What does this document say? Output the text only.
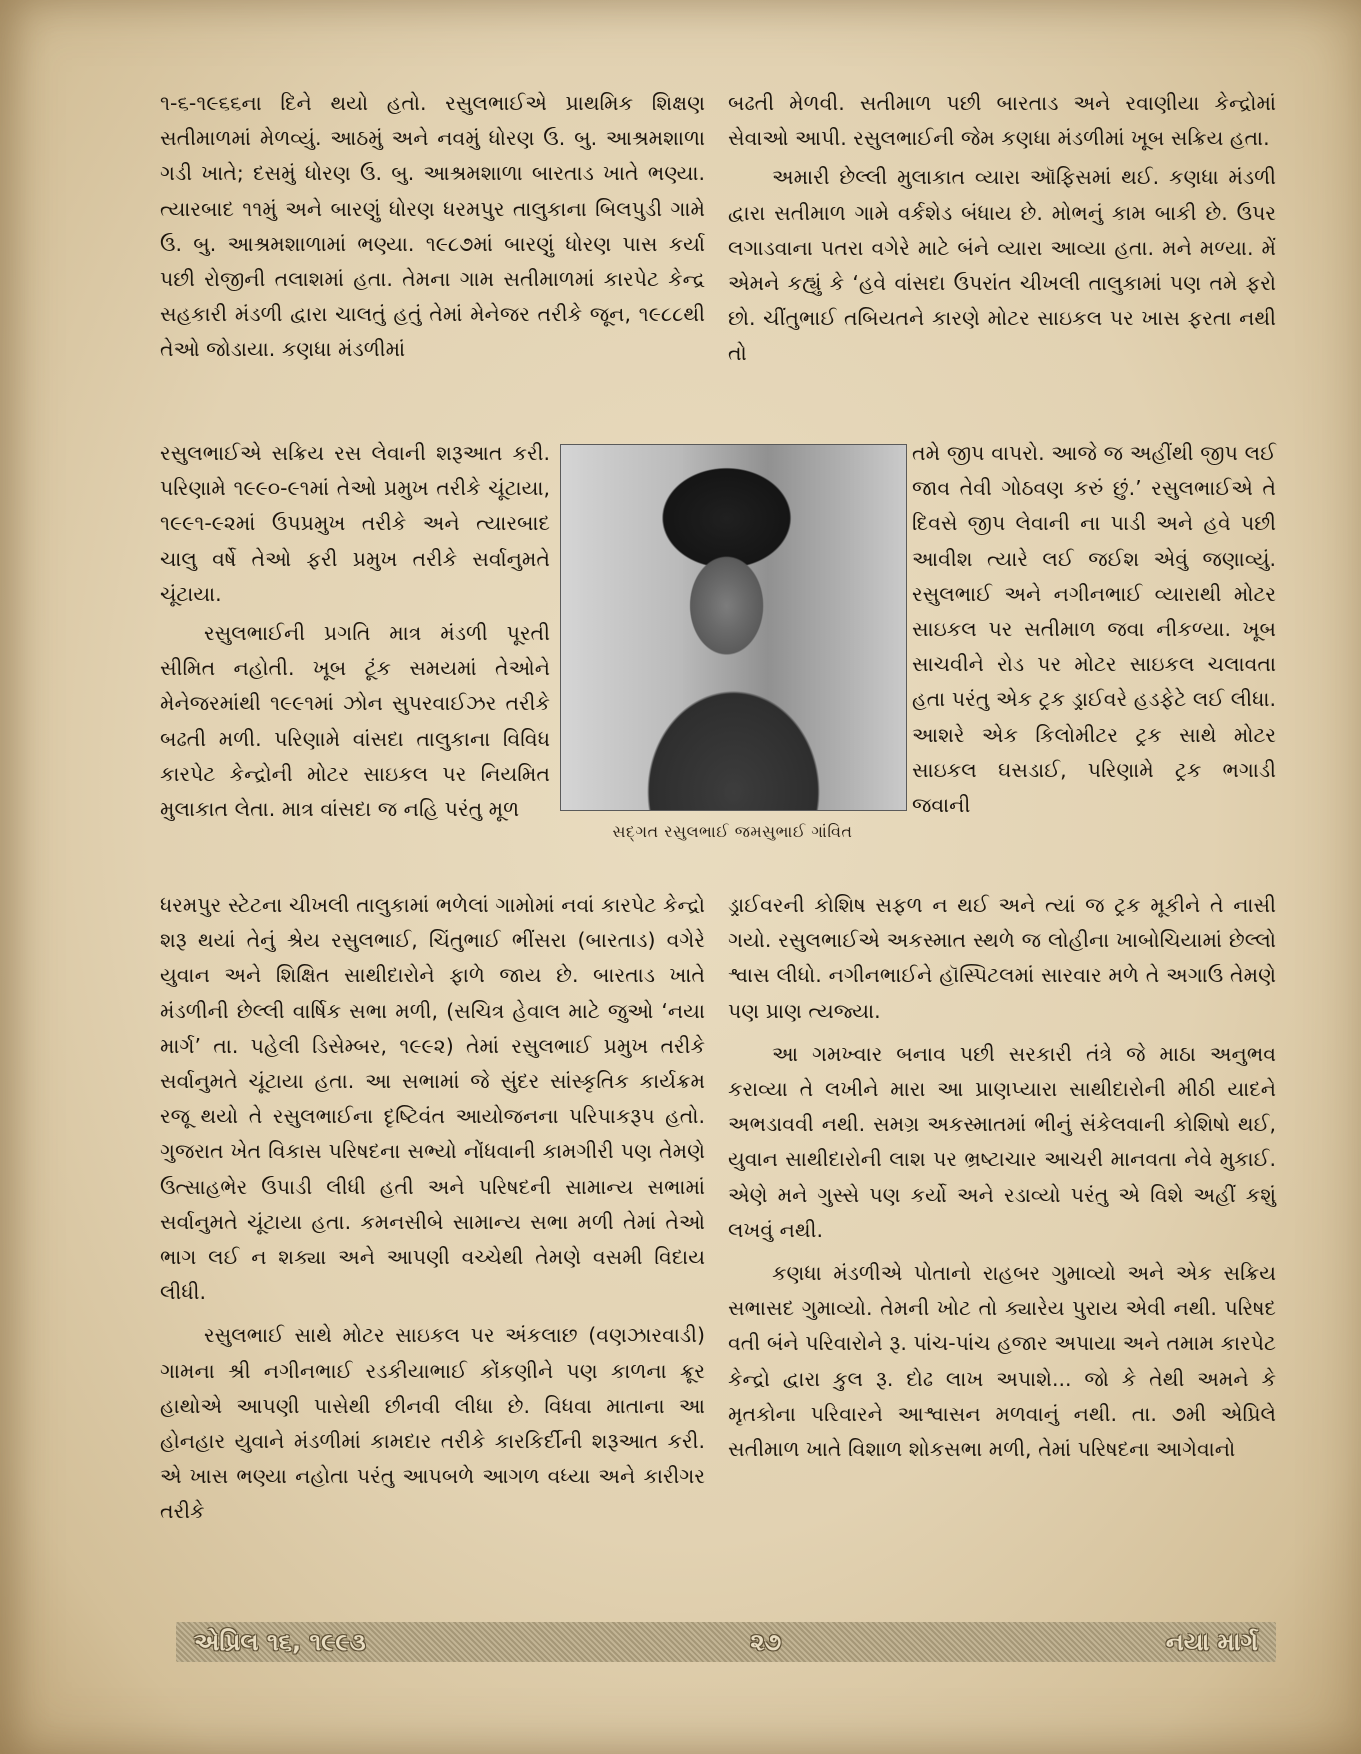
૧-૬-૧૯૬૬ના દિને થયો હતો. રસુલભાઈએ પ્રાથમિક શિક્ષણ સતીમાળમાં મેળવ્યું. આઠમું અને નવમું ધોરણ ઉ. બુ. આશ્રમશાળા ગડી ખાતે; દસમું ધોરણ ઉ. બુ. આશ્રમશાળા બારતાડ ખાતે ભણ્યા. ત્યારબાદ ૧૧મું અને બારણું ધોરણ ધરમપુર તાલુકાના બિલપુડી ગામે ઉ. બુ. આશ્રમશાળામાં ભણ્યા. ૧૯૮૭માં બારણું ધોરણ પાસ કર્યા પછી રોજીની તલાશમાં હતા. તેમના ગામ સતીમાળમાં કારપેટ કેન્દ્ર સહકારી મંડળી દ્વારા ચાલતું હતું તેમાં મેનેજર તરીકે જૂન, ૧૯૮૮થી તેઓ જોડાયા. કણધા મંડળીમાં

રસુલભાઈએ સક્રિય રસ લેવાની શરૂઆત કરી. પરિણામે ૧૯૯૦-૯૧માં તેઓ પ્રમુખ તરીકે ચૂંટાયા, ૧૯૯૧-૯૨માં ઉપપ્રમુખ તરીકે અને ત્યારબાદ ચાલુ વર્ષે તેઓ ફરી પ્રમુખ તરીકે સર્વાનુમતે ચૂંટાયા.

રસુલભાઈની પ્રગતિ માત્ર મંડળી પૂરતી સીમિત નહોતી. ખૂબ ટૂંક સમયમાં તેઓને મેનેજરમાંથી ૧૯૯૧માં ઝોન સુપરવાઈઝર તરીકે બઢતી મળી. પરિણામે વાંસદા તાલુકાના વિવિધ કારપેટ કેન્દ્રોની મોટર સાઇકલ પર નિયમિત મુલાકાત લેતા. માત્ર વાંસદા જ નહિ પરંતુ મૂળ

ધરમપુર સ્ટેટના ચીખલી તાલુકામાં ભળેલાં ગામોમાં નવાં કારપેટ કેન્દ્રો શરૂ થયાં તેનું શ્રેય રસુલભાઈ, ચિંતુભાઈ ભીંસરા (બારતાડ) વગેરે યુવાન અને શિક્ષિત સાથીદારોને ફાળે જાય છે. બારતાડ ખાતે મંડળીની છેલ્લી વાર્ષિક સભા મળી, (સચિત્ર હેવાલ માટે જુઓ ‘નયા માર્ગ’ તા. પહેલી ડિસેમ્બર, ૧૯૯૨) તેમાં રસુલભાઈ પ્રમુખ તરીકે સર્વાનુમતે ચૂંટાયા હતા. આ સભામાં જે સુંદર સાંસ્કૃતિક કાર્યક્રમ રજૂ થયો તે રસુલભાઈના દૃષ્ટિવંત આયોજનના પરિપાકરૂપ હતો. ગુજરાત ખેત વિકાસ પરિષદના સભ્યો નોંધવાની કામગીરી પણ તેમણે ઉત્સાહભેર ઉપાડી લીધી હતી અને પરિષદની સામાન્ય સભામાં સર્વાનુમતે ચૂંટાયા હતા. કમનસીબે સામાન્ય સભા મળી તેમાં તેઓ ભાગ લઈ ન શક્યા અને આપણી વચ્ચેથી તેમણે વસમી વિદાય લીધી.

રસુલભાઈ સાથે મોટર સાઇકલ પર અંકલાછ (વણઝારવાડી) ગામના શ્રી નગીનભાઈ રડકીયાભાઈ કોંકણીને પણ કાળના ક્રૂર હાથોએ આપણી પાસેથી છીનવી લીધા છે. વિધવા માતાના આ હોનહાર યુવાને મંડળીમાં કામદાર તરીકે કારકિર્દીની શરૂઆત કરી. એ ખાસ ભણ્યા નહોતા પરંતુ આપબળે આગળ વધ્યા અને કારીગર તરીકે

સદ્‌ગત રસુલભાઈ જમસુભાઈ ગાંવિત

બઢતી મેળવી. સતીમાળ પછી બારતાડ અને રવાણીયા કેન્દ્રોમાં સેવાઓ આપી. રસુલભાઈની જેમ કણધા મંડળીમાં ખૂબ સક્રિય હતા.

અમારી છેલ્લી મુલાકાત વ્યારા ઑફિસમાં થઈ. કણધા મંડળી દ્વારા સતીમાળ ગામે વર્કશેડ બંધાય છે. મોભનું કામ બાકી છે. ઉપર લગાડવાના પતરા વગેરે માટે બંને વ્યારા આવ્યા હતા. મને મળ્યા. મેં એમને કહ્યું કે ‘હવે વાંસદા ઉપરાંત ચીખલી તાલુકામાં પણ તમે ફરો છો. ચીંતુભાઈ તબિયતને કારણે મોટર સાઇકલ પર ખાસ ફરતા નથી તો

તમે જીપ વાપરો. આજે જ અહીંથી જીપ લઈ જાવ તેવી ગોઠવણ કરું છું.’ રસુલભાઈએ તે દિવસે જીપ લેવાની ના પાડી અને હવે પછી આવીશ ત્યારે લઈ જઈશ એવું જણાવ્યું. રસુલભાઈ અને નગીનભાઈ વ્યારાથી મોટર સાઇકલ પર સતીમાળ જવા નીકળ્યા. ખૂબ સાચવીને રોડ પર મોટર સાઇકલ ચલાવતા હતા પરંતુ એક ટ્રક ડ્રાઈવરે હડફેટે લઈ લીધા. આશરે એક કિલોમીટર ટ્રક સાથે મોટર સાઇકલ ઘસડાઈ, પરિણામે ટ્રક ભગાડી જવાની

ડ્રાઈવરની કોશિષ સફળ ન થઈ અને ત્યાં જ ટ્રક મૂકીને તે નાસી ગયો. રસુલભાઈએ અકસ્માત સ્થળે જ લોહીના ખાબોચિયામાં છેલ્લો શ્વાસ લીધો. નગીનભાઈને હૉસ્પિટલમાં સારવાર મળે તે અગાઉ તેમણે પણ પ્રાણ ત્યજ્યા.

આ ગમખ્વાર બનાવ પછી સરકારી તંત્રે જે માઠા અનુભવ કરાવ્યા તે લખીને મારા આ પ્રાણપ્યારા સાથીદારોની મીઠી યાદને અભડાવવી નથી. સમગ્ર અકસ્માતમાં ભીનું સંકેલવાની કોશિષો થઈ, યુવાન સાથીદારોની લાશ પર ભ્રષ્ટાચાર આચરી માનવતા નેવે મુકાઈ. એણે મને ગુસ્સે પણ કર્યો અને રડાવ્યો પરંતુ એ વિશે અહીં કશું લખવું નથી.

કણધા મંડળીએ પોતાનો રાહબર ગુમાવ્યો અને એક સક્રિય સભાસદ ગુમાવ્યો. તેમની ખોટ તો ક્યારેય પુરાય એવી નથી. પરિષદ વતી બંને પરિવારોને રૂ. પાંચ-પાંચ હજાર અપાયા અને તમામ કારપેટ કેન્દ્રો દ્વારા કુલ રૂ. દોઢ લાખ અપાશે... જો કે તેથી અમને કે મૃતકોના પરિવારને આશ્વાસન મળવાનું નથી. તા. ૭મી એપ્રિલે સતીમાળ ખાતે વિશાળ શોકસભા મળી, તેમાં પરિષદના આગેવાનો

એપ્રિલ ૧૬, ૧૯૯૩	૨૭	નયા માર્ગ
